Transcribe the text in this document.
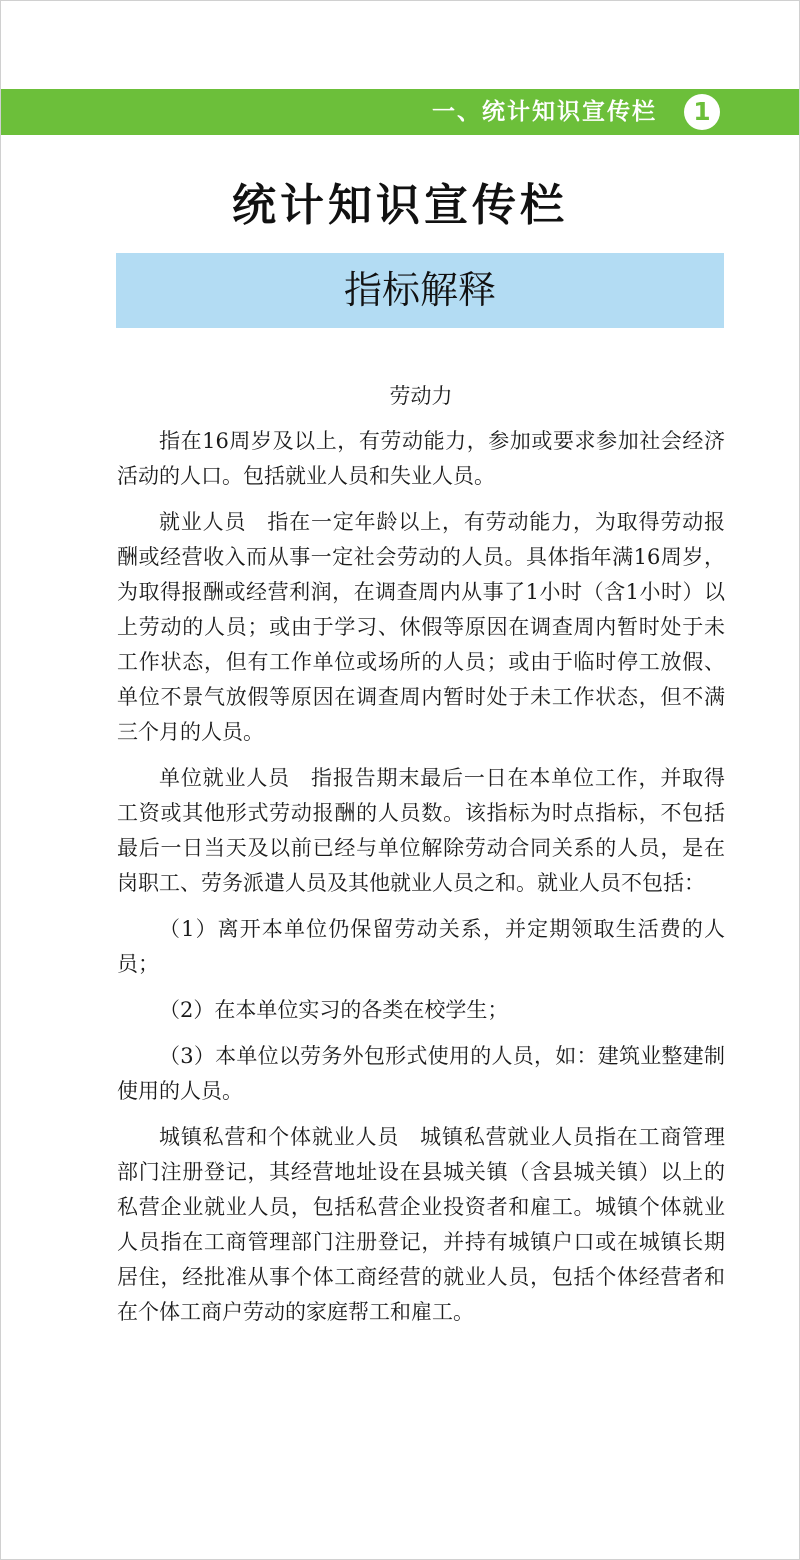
一、统计知识宣传栏	1
统计知识宣传栏
指标解释

劳动力

指在16周岁及以上，有劳动能力，参加或要求参加社会经济活动的人口。包括就业人员和失业人员。

就业人员 指在一定年龄以上，有劳动能力，为取得劳动报酬或经营收入而从事一定社会劳动的人员。具体指年满16周岁，为取得报酬或经营利润，在调查周内从事了1小时（含1小时）以上劳动的人员；或由于学习、休假等原因在调查周内暂时处于未工作状态，但有工作单位或场所的人员；或由于临时停工放假、单位不景气放假等原因在调查周内暂时处于未工作状态，但不满三个月的人员。

单位就业人员 指报告期末最后一日在本单位工作，并取得工资或其他形式劳动报酬的人员数。该指标为时点指标，不包括最后一日当天及以前已经与单位解除劳动合同关系的人员，是在岗职工、劳务派遣人员及其他就业人员之和。就业人员不包括：

（1）离开本单位仍保留劳动关系，并定期领取生活费的人员；

（2）在本单位实习的各类在校学生；

（3）本单位以劳务外包形式使用的人员，如：建筑业整建制使用的人员。

城镇私营和个体就业人员 城镇私营就业人员指在工商管理部门注册登记，其经营地址设在县城关镇（含县城关镇）以上的私营企业就业人员，包括私营企业投资者和雇工。城镇个体就业人员指在工商管理部门注册登记，并持有城镇户口或在城镇长期居住，经批准从事个体工商经营的就业人员，包括个体经营者和在个体工商户劳动的家庭帮工和雇工。
